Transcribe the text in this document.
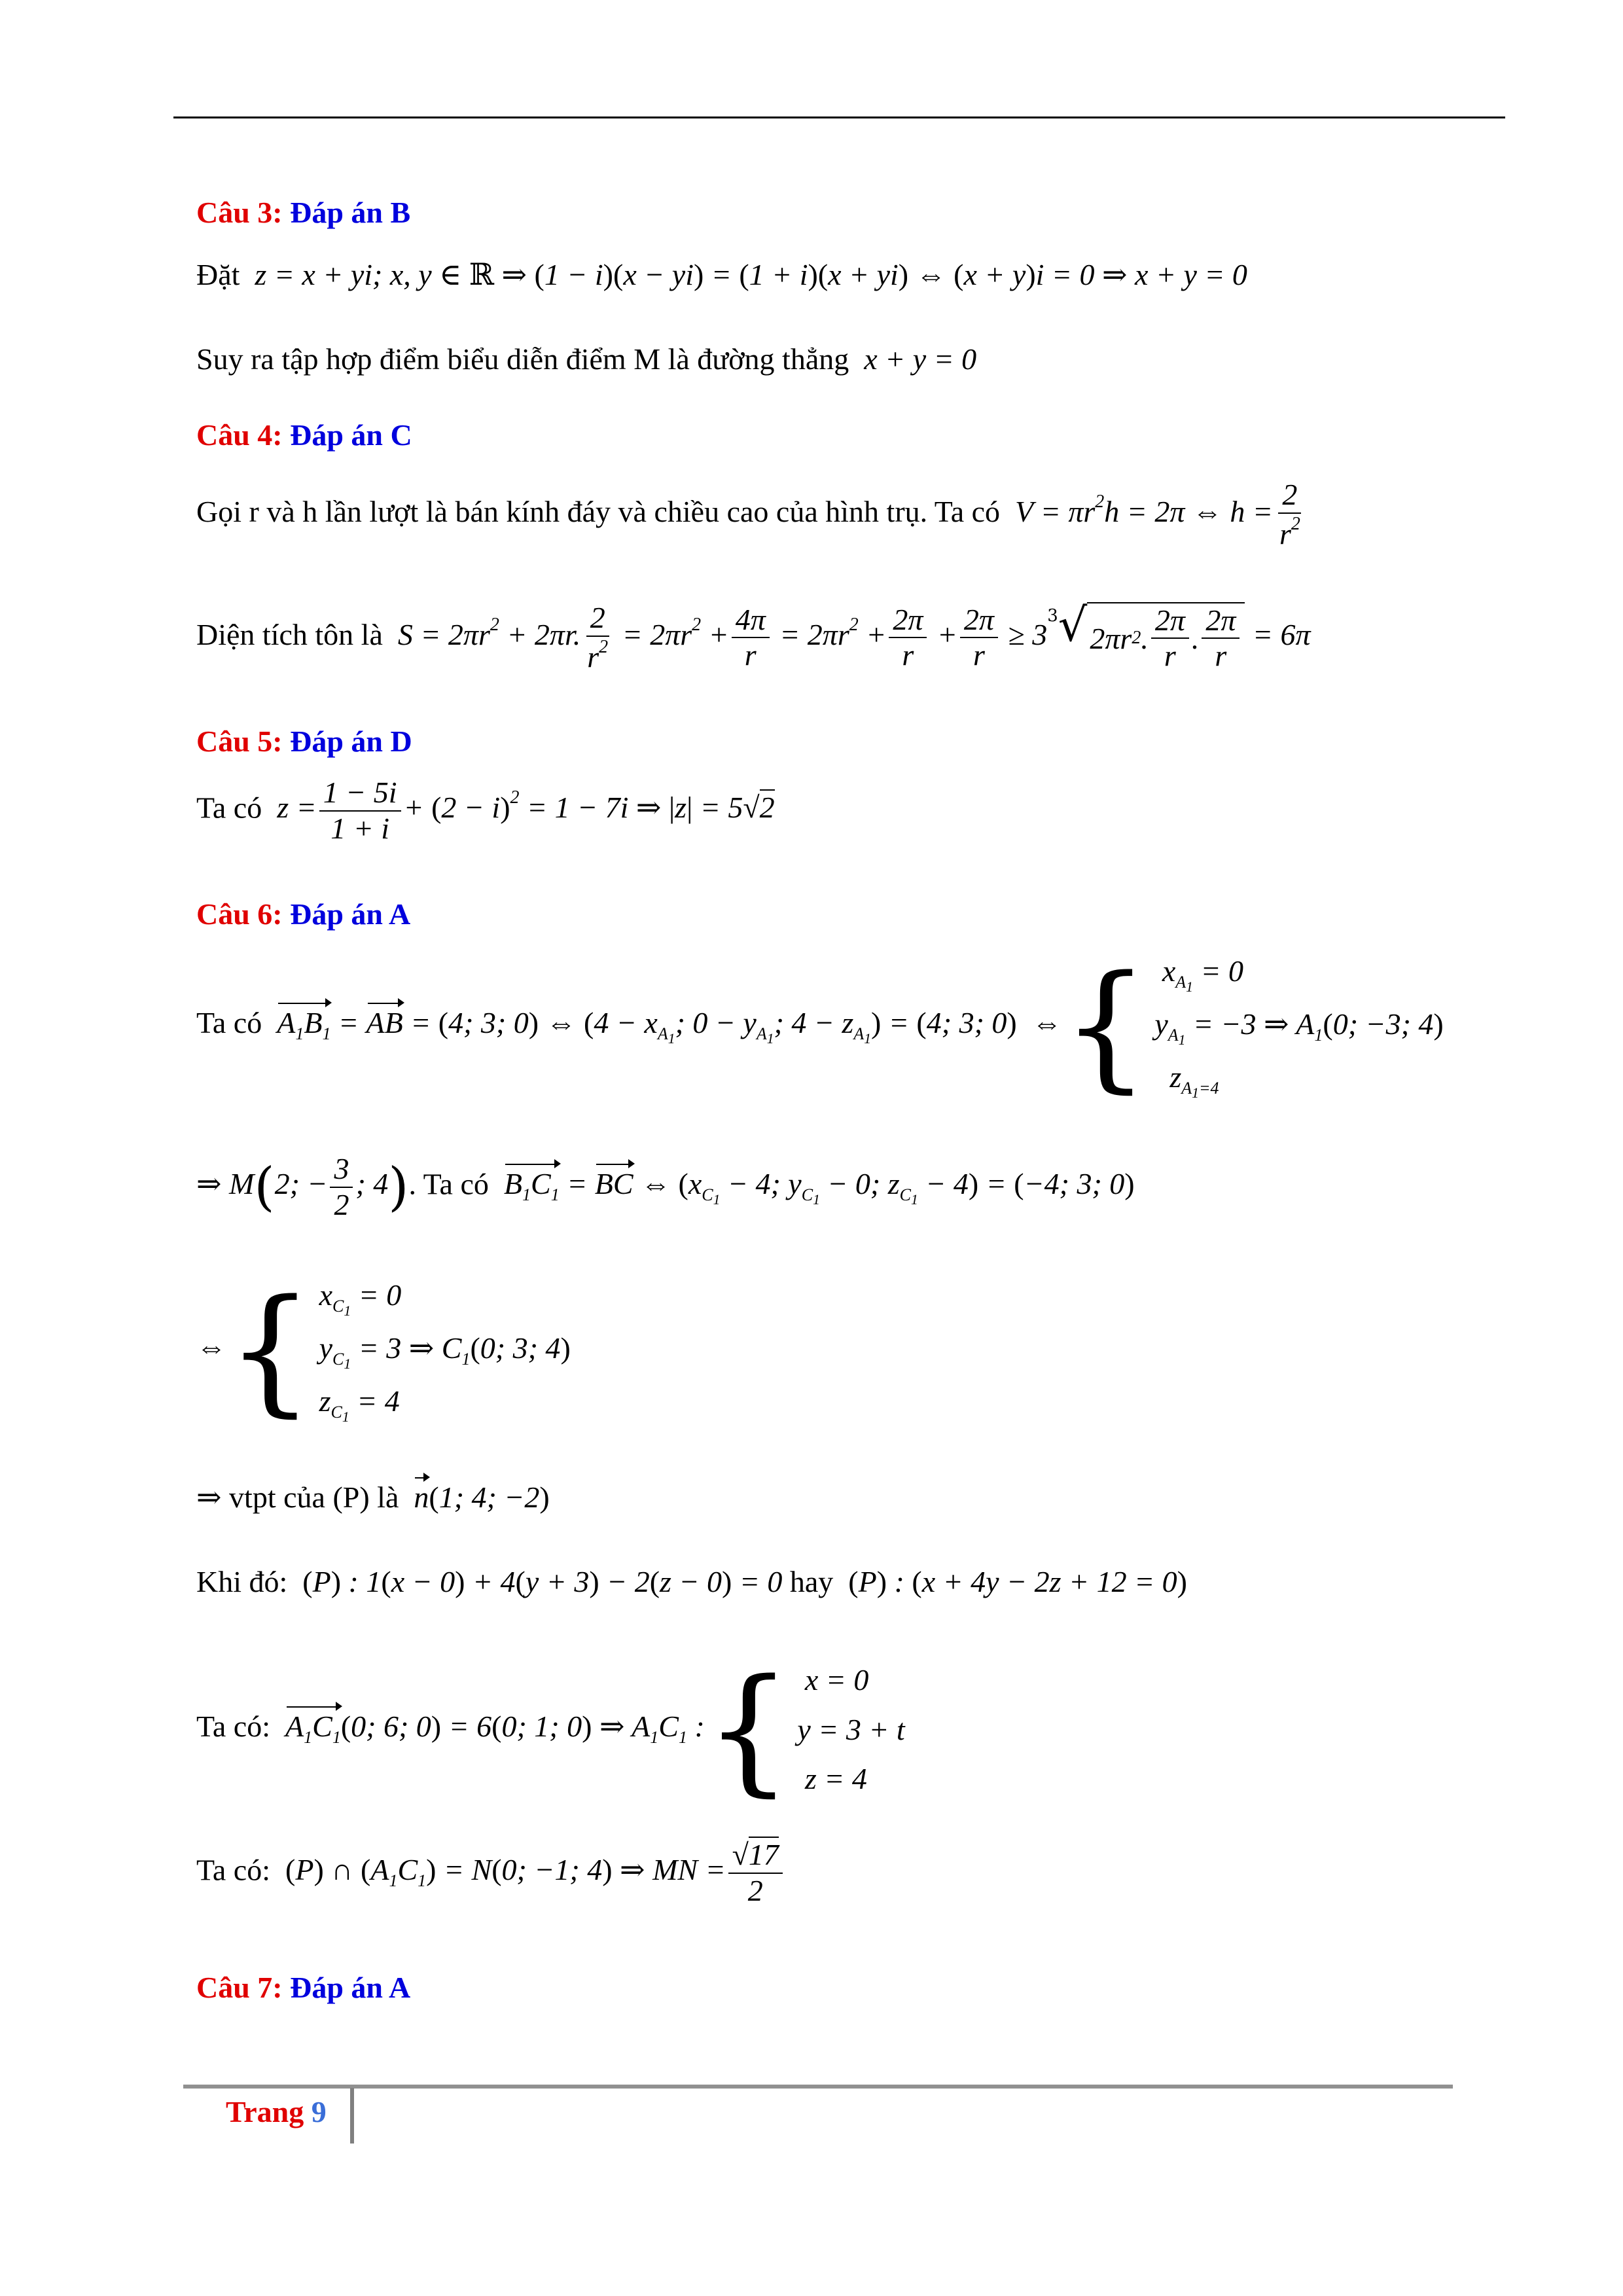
Câu 3: Đáp án B
Đặt  z = x + yi; x, y ∈ ℝ ⇒ (1 − i)(x − yi) = (1 + i)(x + yi) ⇔ (x + y)i = 0 ⇒ x + y = 0
Suy ra tập hợp điểm biểu diễn điểm M là đường thẳng  x + y = 0
Câu 4: Đáp án C
Gọi r và h lần lượt là bán kính đáy và chiều cao của hình trụ. Ta có  $V = \pi r^2h = 2\pi$ ⇔ $h = \frac{2}{r^2}$
Diện tích tôn là  $S = 2\pi r^2 + 2\pi r$. $\frac{2}{r^2} = 2\pi r^2 + \frac{4\pi}{r} = 2\pi r^2 + \frac{2\pi}{r} + \frac{2\pi}{r} \ge 3$
$^3$√ 2πr 2 . $\frac{2\pi}{r}$ . $\frac{2\pi}{r} = 6\pi$
Câu 5: Đáp án D
Ta có  $z = \frac{1 - 5i}{1 + i} + (2 - i)^2 = 1 - 7i$ ⇒ |z| = 5√2
Câu 6: Đáp án A
Ta có $A_1B_1$ = AB = (4; 3; 0) ⇔ ($4 - x_{A_1}$; $0 - y_{A_1}$; $4 - z_{A_1}) = (4$; 3; 0)  ⇔ { $x_{A_1} = 0$
$y_{A_1} = -3$ ⇒ $A_1(0$; −3; 4)
$z_{A_1=4}$
⇒ M(2; − $\frac{3}{2}$ ; 4). Ta có $B_1C_1$ = BC ⇔ ($x_{C_1} - 4$; $y_{C_1} - 0$; $z_{C_1} - 4) = (-4$; 3; 0)
⇔ { $x_{C_1} = 0$
$y_{C_1} = 3$ ⇒ $C_1(0$; 3; 4)
$z_{C_1} = 4$
⇒ vtpt của (P) là n(1; 4; −2)
Khi đó: (P) : 1(x − 0) + 4(y + 3) − 2(z − 0) = 0 hay (P) : (x + 4y − 2z + 12 = 0)
Ta có: $A_1C_1(0$; 6; 0) = 6(0; 1; 0) ⇒ $A_1C_1$ : { x = 0
y = 3 + t
z = 4
Ta có: (P) ∩ $(A_1C_1) = N(0$; −1; 4) ⇒ MN = $\frac{√17}{2}$
Câu 7: Đáp án A
Trang 9
